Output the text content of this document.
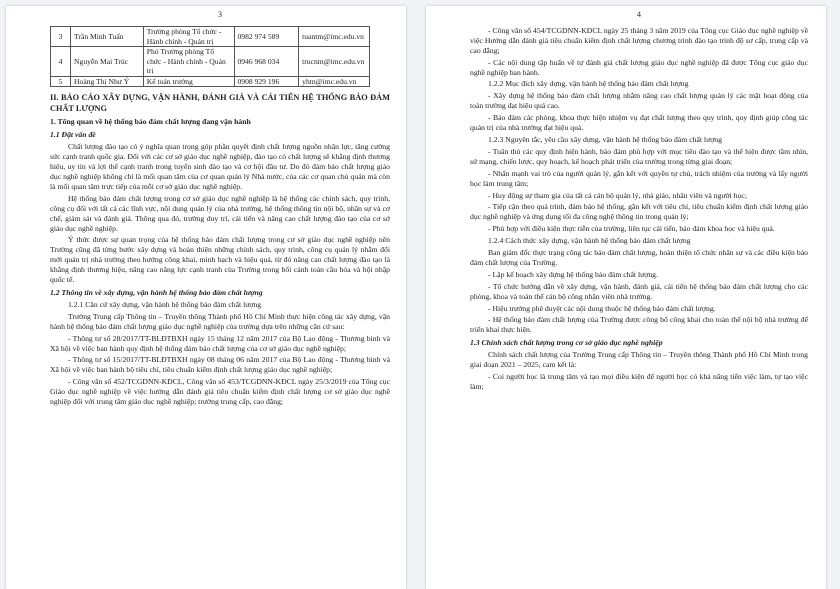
3
3	Trần Minh Tuấn	Trưởng phòng Tổ chức - Hành chính - Quản trị	0982 974 589	tuantm@imc.edu.vn
4	Nguyễn Mai Trúc	Phó Trưởng phòng Tổ chức - Hành chính - Quản trị	0946 968 034	trucnm@imc.edu.vn
5	Hoàng Thị Như Ý	Kế toán trưởng	0908 929 196	yhtn@imc.edu.vn
II. BÁO CÁO XÂY DỰNG, VẬN HÀNH, ĐÁNH GIÁ VÀ CẢI TIẾN HỆ THỐNG BẢO ĐẢM CHẤT LƯỢNG
1. Tổng quan về hệ thống bảo đảm chất lượng đang vận hành
1.1 Đặt vấn đề
Chất lượng đào tạo có ý nghĩa quan trọng góp phần quyết định chất lượng nguồn nhân lực, tăng cường sức cạnh tranh quốc gia. Đối với các cơ sở giáo dục nghề nghiệp, đào tạo có chất lượng sẽ khẳng định thương hiệu, uy tín và lợi thế cạnh tranh trong tuyển sinh đào tạo và cơ hội đầu tư. Do đó đảm bảo chất lượng giáo dục nghề nghiệp không chỉ là mối quan tâm của cơ quan quản lý Nhà nước, của các cơ quan chủ quản mà còn là mối quan tâm trực tiếp của mỗi cơ sở giáo dục nghề nghiệp.
Hệ thống bảo đảm chất lượng trong cơ sở giáo dục nghề nghiệp là hệ thống các chính sách, quy trình, công cụ đối với tất cả các lĩnh vực, nội dung quản lý của nhà trường, hệ thống thông tin nội bộ, nhân sự và cơ chế, giám sát và đánh giá. Thông qua đó, trường duy trì, cải tiến và nâng cao chất lượng đào tạo của cơ sở giáo dục nghề nghiệp.
Ý thức được sự quan trọng của hệ thống bảo đảm chất lượng trong cơ sở giáo dục nghề nghiệp nên Trường cũng đã từng bước xây dựng và hoàn thiện những chính sách, quy trình, công cụ quản lý nhằm đổi mới quản trị nhà trường theo hướng công khai, minh bạch và hiệu quả, từ đó nâng cao chất lượng đào tạo là khẳng định thương hiệu, nâng cao năng lực cạnh tranh của Trường trong bối cảnh toàn cầu hóa và hội nhập quốc tế.
1.2 Thông tin về xây dựng, vận hành hệ thống bảo đảm chất lượng
1.2.1 Căn cứ xây dựng, vận hành hệ thống bảo đảm chất lượng
Trường Trung cấp Thông tin – Truyền thông Thành phố Hồ Chí Minh thực hiện công tác xây dựng, vận hành hệ thống bảo đảm chất lượng giáo dục nghề nghiệp của trường dựa trên những căn cứ sau:
- Thông tư số 28/2017/TT-BLĐTBXH ngày 15 tháng 12 năm 2017 của Bộ Lao động - Thương binh và Xã hội về việc ban hành quy định hệ thống đảm bảo chất lượng của cơ sở giáo dục nghề nghiệp;
- Thông tư số 15/2017/TT-BLĐTBXH ngày 08 tháng 06 năm 2017 của Bộ Lao động - Thương binh và Xã hội về việc ban hành bộ tiêu chí, tiêu chuẩn kiểm định chất lượng giáo dục nghề nghiệp;
- Công văn số 452/TCGDNN-KĐCL, Công văn số 453/TCGDNN-KĐCL ngày 25/3/2019 của Tổng cục Giáo dục nghề nghiệp về việc hướng dẫn đánh giá tiêu chuẩn kiểm định chất lượng cơ sở giáo dục nghề nghiệp đối với trung tâm giáo dục nghề nghiệp; trường trung cấp, cao đẳng;
4
- Công văn số 454/TCGDNN-KĐCL ngày 25 tháng 3 năm 2019 của Tổng cục Giáo dục nghề nghiệp về việc Hướng dẫn đánh giá tiêu chuẩn kiểm định chất lượng chương trình đào tạo trình độ sơ cấp, trung cấp và cao đẳng;
- Các nội dung tập huấn về tự đánh giá chất lượng giáo dục nghề nghiệp đã được Tổng cục giáo dục nghề nghiệp ban hành.
1.2.2 Mục đích xây dựng, vận hành hệ thống bảo đảm chất lượng
- Xây dựng hệ thống bảo đảm chất lượng nhằm nâng cao chất lượng quản lý các mặt hoạt động của toàn trường đạt hiệu quả cao.
- Bảo đảm các phòng, khoa thực hiện nhiệm vụ đạt chất lượng theo quy trình, quy định giúp công tác quản trị của nhà trường đạt hiệu quả.
1.2.3 Nguyên tắc, yêu cầu xây dựng, vận hành hệ thống bảo đảm chất lượng
- Tuân thủ các quy định hiện hành, bảo đảm phù hợp với mục tiêu đào tạo và thể hiện được tầm nhìn, sứ mạng, chiến lược, quy hoạch, kế hoạch phát triển của trường trong từng giai đoạn;
- Nhấn mạnh vai trò của người quản lý, gắn kết với quyền tự chủ, trách nhiệm của trường và lấy người học làm trung tâm;
- Huy động sự tham gia của tất cả cán bộ quản lý, nhà giáo, nhân viên và người học;
- Tiếp cận theo quá trình, đảm bảo hệ thống, gắn kết với tiêu chí, tiêu chuẩn kiểm định chất lượng giáo dục nghề nghiệp và ứng dụng tối đa công nghệ thông tin trong quản lý;
- Phù hợp với điều kiện thực tiễn của trường, liên tục cải tiến, bảo đảm khoa học và hiệu quả.
1.2.4 Cách thức xây dựng, vận hành hệ thống bảo đảm chất lượng
Ban giám đốc thực trạng công tác bảo đảm chất lượng, hoàn thiện tổ chức nhân sự và các điều kiện bảo đảm chất lượng của Trường.
- Lập kế hoạch xây dựng hệ thống bảo đảm chất lượng.
- Tổ chức hướng dẫn về xây dựng, vận hành, đánh giá, cải tiến hệ thống bảo đảm chất lượng cho các phòng, khoa và toàn thể cán bộ công nhân viên nhà trường.
- Hiệu trưởng phê duyệt các nội dung thuộc hệ thống bảo đảm chất lượng.
- Hệ thống bảo đảm chất lượng của Trường được công bố công khai cho toàn thể nội bộ nhà trường để triển khai thực hiện.
1.3 Chính sách chất lượng trong cơ sở giáo dục nghề nghiệp
Chính sách chất lượng của Trường Trung cấp Thông tin – Truyền thông Thành phố Hồ Chí Minh trong giai đoạn 2021 – 2025, cam kết là:
- Coi người học là trung tâm và tạo mọi điều kiện để người học có khả năng tiến việc làm, tự tạo việc làm;
